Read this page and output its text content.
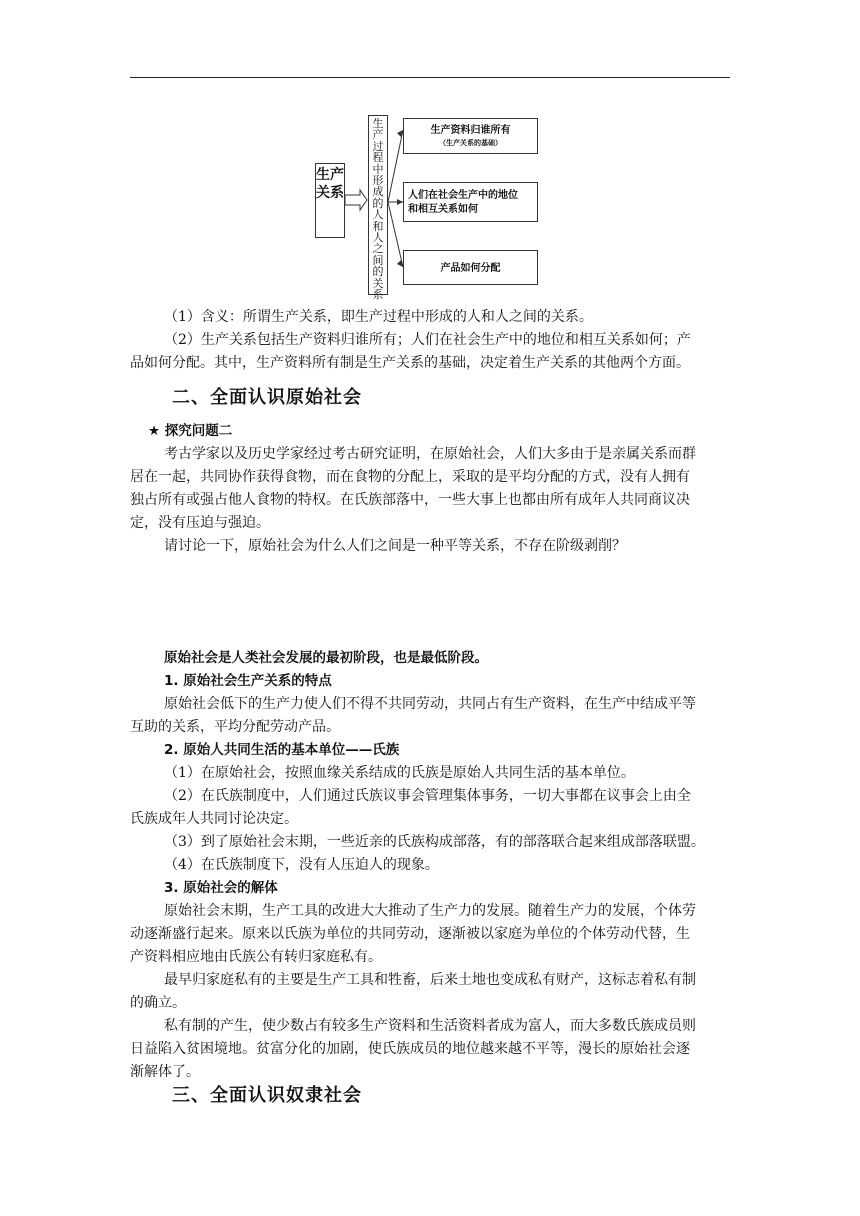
生产关系
生产过程中形成的人和人之间的关系
生产资料归谁所有
（生产关系的基础）
人们在社会生产中的地位
和相互关系如何
产品如何分配
（1）含义：所谓生产关系，即生产过程中形成的人和人之间的关系。
（2）生产关系包括生产资料归谁所有；人们在社会生产中的地位和相互关系如何；产
品如何分配。其中，生产资料所有制是生产关系的基础，决定着生产关系的其他两个方面。
二、全面认识原始社会
★ 探究问题二
考古学家以及历史学家经过考古研究证明，在原始社会，人们大多由于是亲属关系而群
居在一起，共同协作获得食物，而在食物的分配上，采取的是平均分配的方式，没有人拥有
独占所有或强占他人食物的特权。在氏族部落中，一些大事上也都由所有成年人共同商议决
定，没有压迫与强迫。
请讨论一下，原始社会为什么人们之间是一种平等关系，不存在阶级剥削？
原始社会是人类社会发展的最初阶段，也是最低阶段。
1. 原始社会生产关系的特点
原始社会低下的生产力使人们不得不共同劳动，共同占有生产资料，在生产中结成平等
互助的关系，平均分配劳动产品。
2. 原始人共同生活的基本单位——氏族
（1）在原始社会，按照血缘关系结成的氏族是原始人共同生活的基本单位。
（2）在氏族制度中，人们通过氏族议事会管理集体事务，一切大事都在议事会上由全
氏族成年人共同讨论决定。
（3）到了原始社会末期，一些近亲的氏族构成部落，有的部落联合起来组成部落联盟。
（4）在氏族制度下，没有人压迫人的现象。
3. 原始社会的解体
原始社会末期，生产工具的改进大大推动了生产力的发展。随着生产力的发展，个体劳
动逐渐盛行起来。原来以氏族为单位的共同劳动，逐渐被以家庭为单位的个体劳动代替，生
产资料相应地由氏族公有转归家庭私有。
最早归家庭私有的主要是生产工具和牲畜，后来土地也变成私有财产，这标志着私有制
的确立。
私有制的产生，使少数占有较多生产资料和生活资料者成为富人，而大多数氏族成员则
日益陷入贫困境地。贫富分化的加剧，使氏族成员的地位越来越不平等，漫长的原始社会逐
渐解体了。
三、全面认识奴隶社会
